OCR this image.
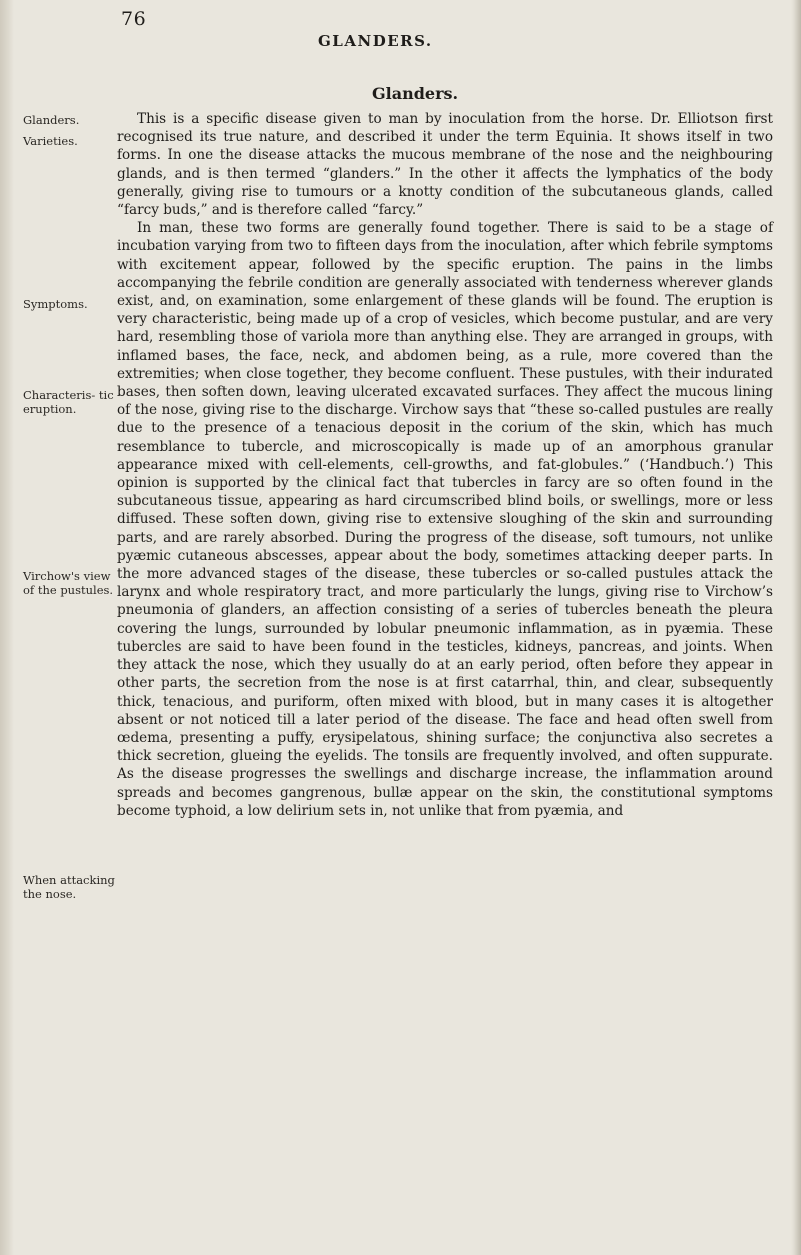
76
GLANDERS.
Glanders.
Glanders.
Varieties.
Symptoms.
Characteris- tic eruption.
Virchow's view of the pustules.
When attacking the nose.

This is a specific disease given to man by inoculation from the horse. Dr. Elliotson first recognised its true nature, and described it under the term Equinia. It shows itself in two forms. In one the disease attacks the mucous membrane of the nose and the neighbouring glands, and is then termed “glanders.” In the other it affects the lymphatics of the body generally, giving rise to tumours or a knotty condition of the subcutaneous glands, called “farcy buds,” and is therefore called “farcy.”

In man, these two forms are generally found together. There is said to be a stage of incubation varying from two to fifteen days from the inoculation, after which febrile symptoms with excitement appear, followed by the specific eruption. The pains in the limbs accompanying the febrile condition are generally associated with tenderness wherever glands exist, and, on examination, some enlargement of these glands will be found. The eruption is very characteristic, being made up of a crop of vesicles, which become pustular, and are very hard, resembling those of variola more than anything else. They are arranged in groups, with inflamed bases, the face, neck, and abdomen being, as a rule, more covered than the extremities; when close together, they become confluent. These pustules, with their indurated bases, then soften down, leaving ulcerated excavated surfaces. They affect the mucous lining of the nose, giving rise to the discharge. Virchow says that “these so-called pustules are really due to the presence of a tenacious deposit in the corium of the skin, which has much resemblance to tubercle, and microscopically is made up of an amorphous granular appearance mixed with cell-elements, cell-growths, and fat-globules.” (‘Handbuch.’) This opinion is supported by the clinical fact that tubercles in farcy are so often found in the subcutaneous tissue, appearing as hard circumscribed blind boils, or swellings, more or less diffused. These soften down, giving rise to extensive sloughing of the skin and surrounding parts, and are rarely absorbed. During the progress of the disease, soft tumours, not unlike pyæmic cutaneous abscesses, appear about the body, sometimes attacking deeper parts. In the more advanced stages of the disease, these tubercles or so-called pustules attack the larynx and whole respiratory tract, and more particularly the lungs, giving rise to Virchow’s pneumonia of glanders, an affection consisting of a series of tubercles beneath the pleura covering the lungs, surrounded by lobular pneumonic inflammation, as in pyæmia. These tubercles are said to have been found in the testicles, kidneys, pancreas, and joints. When they attack the nose, which they usually do at an early period, often before they appear in other parts, the secretion from the nose is at first catarrhal, thin, and clear, subsequently thick, tenacious, and puriform, often mixed with blood, but in many cases it is altogether absent or not noticed till a later period of the disease. The face and head often swell from œdema, presenting a puffy, erysipelatous, shining surface; the conjunctiva also secretes a thick secretion, glueing the eyelids. The tonsils are frequently involved, and often suppurate. As the disease progresses the swellings and discharge increase, the inflammation around spreads and becomes gangrenous, bullæ appear on the skin, the constitutional symptoms become typhoid, a low delirium sets in, not unlike that from pyæmia, and
